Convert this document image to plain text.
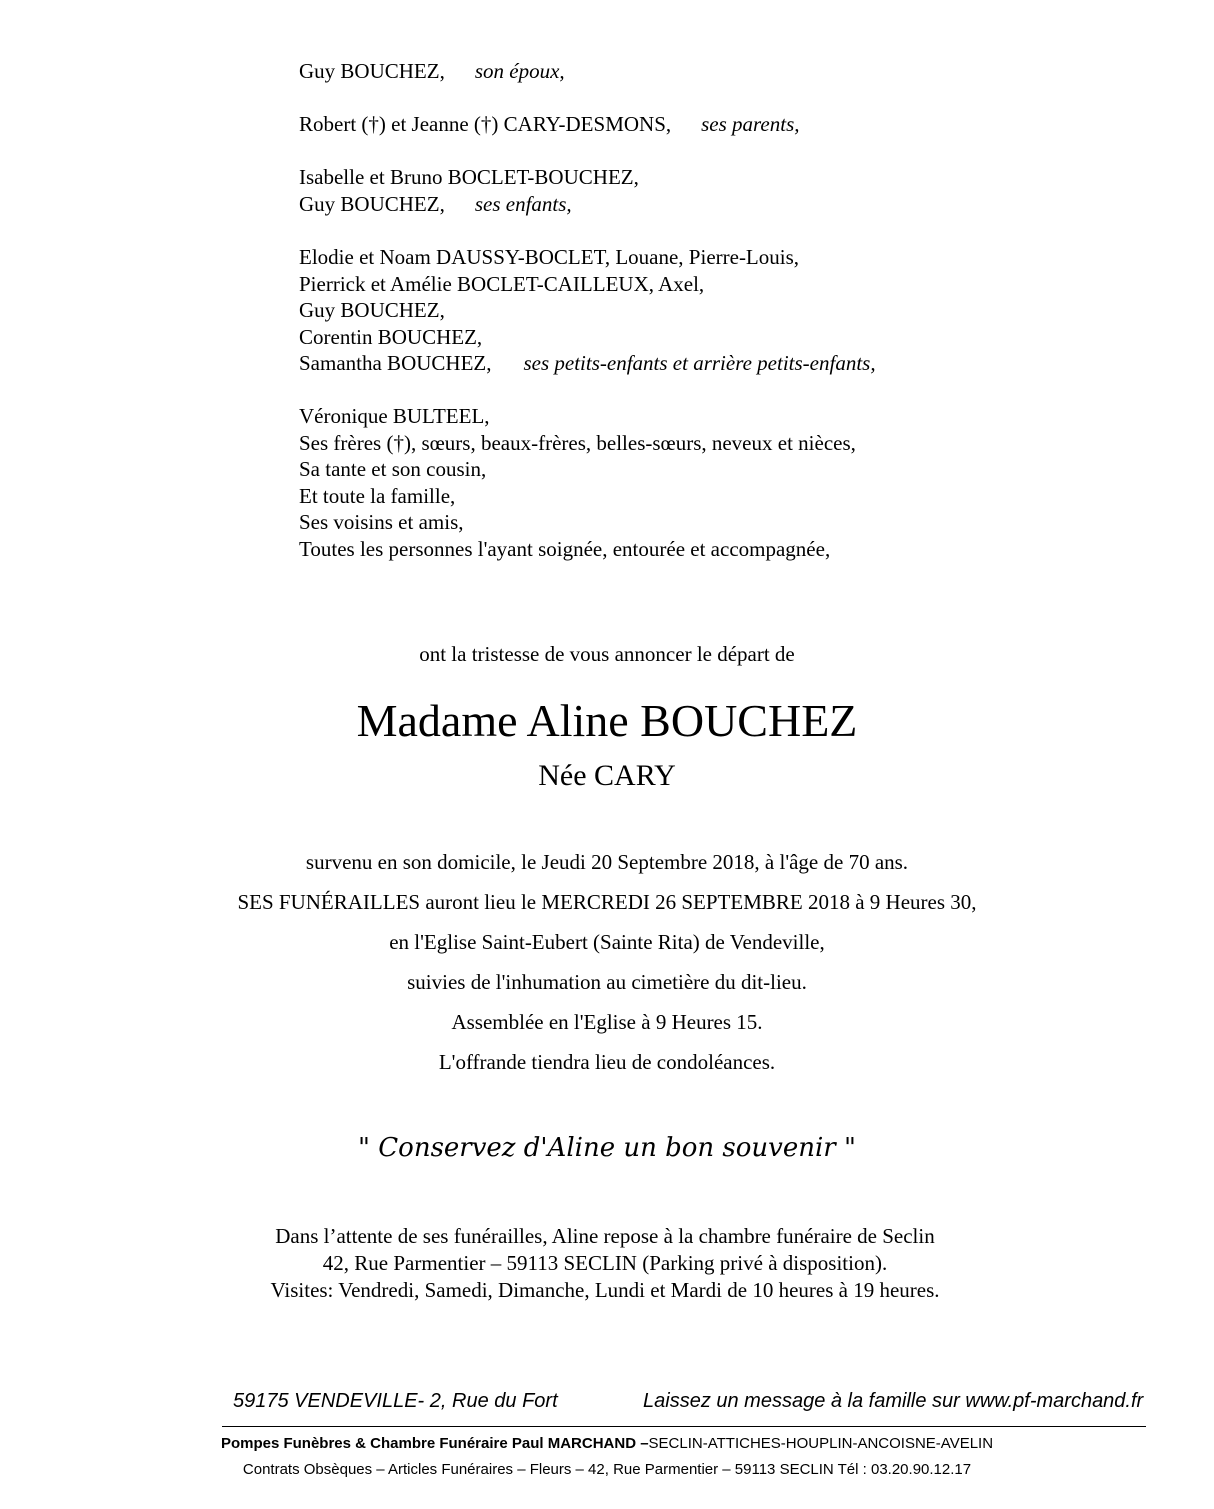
Guy BOUCHEZ, son époux,
Robert (†) et Jeanne (†) CARY-DESMONS, ses parents,
Isabelle et Bruno BOCLET-BOUCHEZ,
Guy BOUCHEZ, ses enfants,
Elodie et Noam DAUSSY-BOCLET, Louane, Pierre-Louis,
Pierrick et Amélie BOCLET-CAILLEUX, Axel,
Guy BOUCHEZ,
Corentin BOUCHEZ,
Samantha BOUCHEZ, ses petits-enfants et arrière petits-enfants,
Véronique BULTEEL,
Ses frères (†), sœurs, beaux-frères, belles-sœurs, neveux et nièces,
Sa tante et son cousin,
Et toute la famille,
Ses voisins et amis,
Toutes les personnes l'ayant soignée, entourée et accompagnée,
ont la tristesse de vous annoncer le départ de
Madame Aline BOUCHEZ
Née CARY
survenu en son domicile, le Jeudi 20 Septembre 2018, à l'âge de 70 ans.
SES FUNÉRAILLES auront lieu le MERCREDI 26 SEPTEMBRE 2018 à 9 Heures 30,
en l'Eglise Saint-Eubert (Sainte Rita) de Vendeville,
suivies de l'inhumation au cimetière du dit-lieu.
Assemblée en l'Eglise à 9 Heures 15.
L'offrande tiendra lieu de condoléances.
" Conservez d'Aline un bon souvenir "
Dans l’attente de ses funérailles, Aline repose à la chambre funéraire de Seclin
42, Rue Parmentier – 59113 SECLIN (Parking privé à disposition).
Visites: Vendredi, Samedi, Dimanche, Lundi et Mardi de 10 heures à 19 heures.
59175 VENDEVILLE- 2, Rue du Fort	Laissez un message à la famille sur www.pf-marchand.fr
Pompes Funèbres & Chambre Funéraire Paul MARCHAND –SECLIN-ATTICHES-HOUPLIN-ANCOISNE-AVELIN
Contrats Obsèques – Articles Funéraires – Fleurs – 42, Rue Parmentier – 59113 SECLIN Tél : 03.20.90.12.17
